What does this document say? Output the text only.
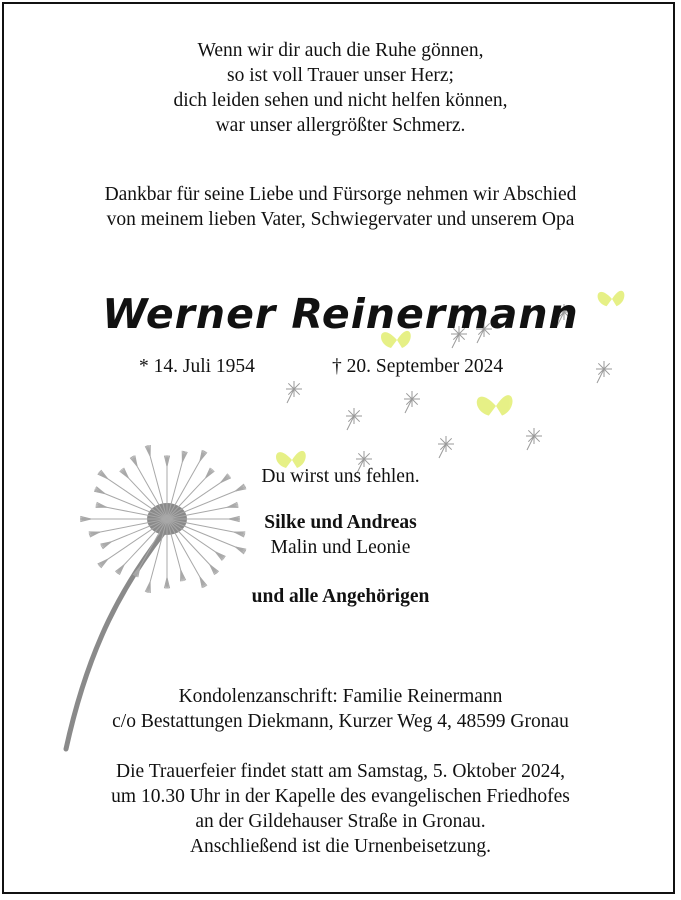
Wenn wir dir auch die Ruhe gönnen,
so ist voll Trauer unser Herz;
dich leiden sehen und nicht helfen können,
war unser allergrößter Schmerz.
Dankbar für seine Liebe und Fürsorge nehmen wir Abschied
von meinem lieben Vater, Schwiegervater und unserem Opa
Werner Reinermann
* 14. Juli 1954	† 20. September 2024
Du wirst uns fehlen.
Silke und Andreas
Malin und Leonie
und alle Angehörigen
Kondolenzanschrift: Familie Reinermann
c/o Bestattungen Diekmann, Kurzer Weg 4, 48599 Gronau
Die Trauerfeier findet statt am Samstag, 5. Oktober 2024,
um 10.30 Uhr in der Kapelle des evangelischen Friedhofes
an der Gildehauser Straße in Gronau.
Anschließend ist die Urnenbeisetzung.
